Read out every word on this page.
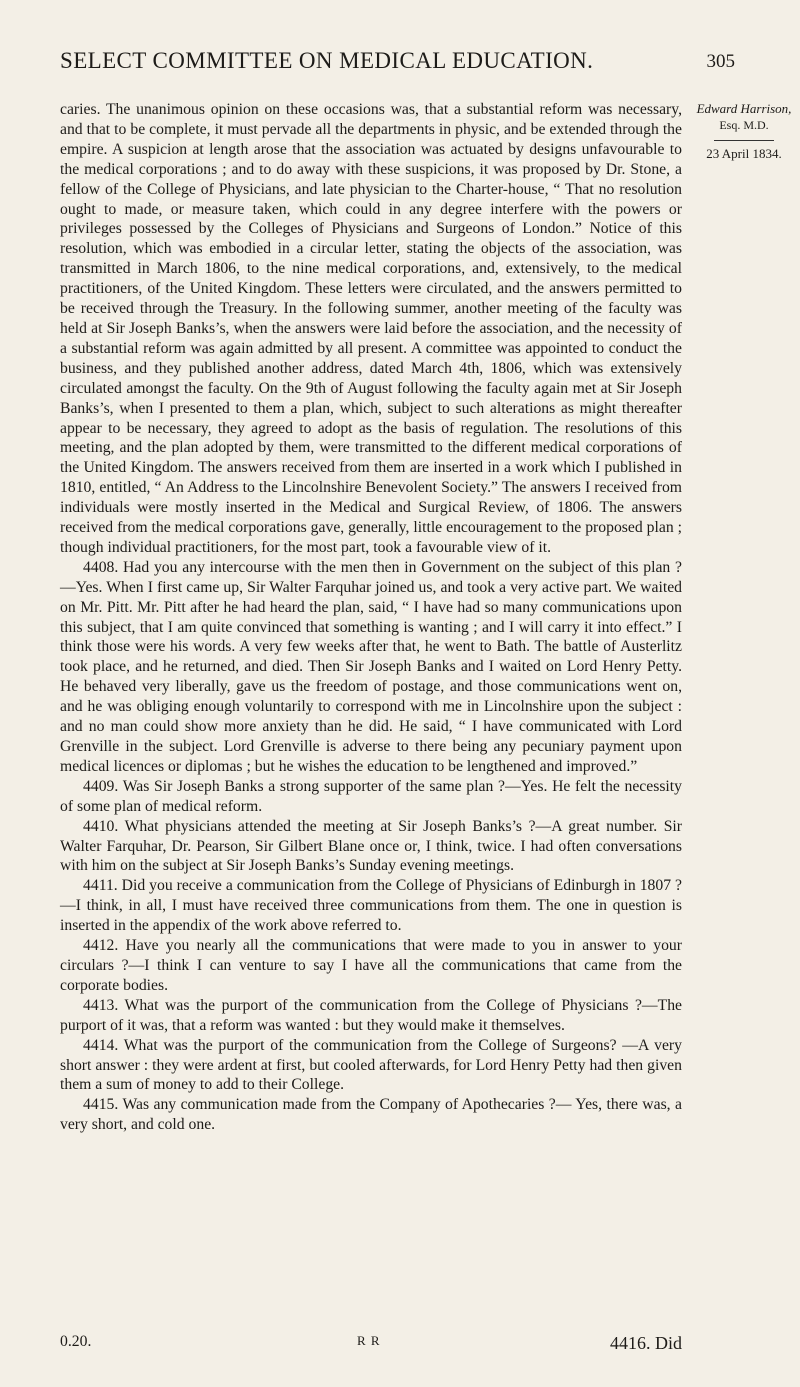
SELECT COMMITTEE ON MEDICAL EDUCATION.	305

caries. The unanimous opinion on these occasions was, that a substantial reform was necessary, and that to be complete, it must pervade all the departments in physic, and be extended through the empire. A suspicion at length arose that the association was actuated by designs unfavourable to the medical corporations ; and to do away with these suspicions, it was proposed by Dr. Stone, a fellow of the College of Physicians, and late physician to the Charter-house, “ That no resolution ought to made, or measure taken, which could in any degree interfere with the powers or privileges possessed by the Colleges of Physicians and Surgeons of London.” Notice of this resolution, which was embodied in a circular letter, stating the objects of the association, was transmitted in March 1806, to the nine medical corporations, and, extensively, to the medical practitioners, of the United Kingdom. These letters were circulated, and the answers permitted to be received through the Treasury. In the following summer, another meeting of the faculty was held at Sir Joseph Banks’s, when the answers were laid before the association, and the necessity of a substantial reform was again admitted by all present. A committee was appointed to conduct the business, and they published another address, dated March 4th, 1806, which was extensively circulated amongst the faculty. On the 9th of August following the faculty again met at Sir Joseph Banks’s, when I presented to them a plan, which, subject to such alterations as might thereafter appear to be necessary, they agreed to adopt as the basis of regulation. The resolutions of this meeting, and the plan adopted by them, were transmitted to the different medical corporations of the United Kingdom. The answers received from them are inserted in a work which I published in 1810, entitled, “ An Address to the Lincolnshire Benevolent Society.” The answers I received from individuals were mostly inserted in the Medical and Surgical Review, of 1806. The answers received from the medical corporations gave, generally, little encouragement to the proposed plan ; though individual practitioners, for the most part, took a favourable view of it.

4408. Had you any intercourse with the men then in Government on the subject of this plan ?—Yes. When I first came up, Sir Walter Farquhar joined us, and took a very active part. We waited on Mr. Pitt. Mr. Pitt after he had heard the plan, said, “ I have had so many communications upon this subject, that I am quite convinced that something is wanting ; and I will carry it into effect.” I think those were his words. A very few weeks after that, he went to Bath. The battle of Austerlitz took place, and he returned, and died. Then Sir Joseph Banks and I waited on Lord Henry Petty. He behaved very liberally, gave us the freedom of postage, and those communications went on, and he was obliging enough voluntarily to correspond with me in Lincolnshire upon the subject : and no man could show more anxiety than he did. He said, “ I have communicated with Lord Grenville in the subject. Lord Grenville is adverse to there being any pecuniary payment upon medical licences or diplomas ; but he wishes the education to be lengthened and improved.”

4409. Was Sir Joseph Banks a strong supporter of the same plan ?—Yes. He felt the necessity of some plan of medical reform.

4410. What physicians attended the meeting at Sir Joseph Banks’s ?—A great number. Sir Walter Farquhar, Dr. Pearson, Sir Gilbert Blane once or, I think, twice. I had often conversations with him on the subject at Sir Joseph Banks’s Sunday evening meetings.

4411. Did you receive a communication from the College of Physicians of Edinburgh in 1807 ?—I think, in all, I must have received three communications from them. The one in question is inserted in the appendix of the work above referred to.

4412. Have you nearly all the communications that were made to you in answer to your circulars ?—I think I can venture to say I have all the communications that came from the corporate bodies.

4413. What was the purport of the communication from the College of Physicians ?—The purport of it was, that a reform was wanted : but they would make it themselves.

4414. What was the purport of the communication from the College of Surgeons? —A very short answer : they were ardent at first, but cooled afterwards, for Lord Henry Petty had then given them a sum of money to add to their College.

4415. Was any communication made from the Company of Apothecaries ?— Yes, there was, a very short, and cold one.

Edward Harrison,
Esq. M.D.
23 April 1834.
0.20.	R R	4416. Did
